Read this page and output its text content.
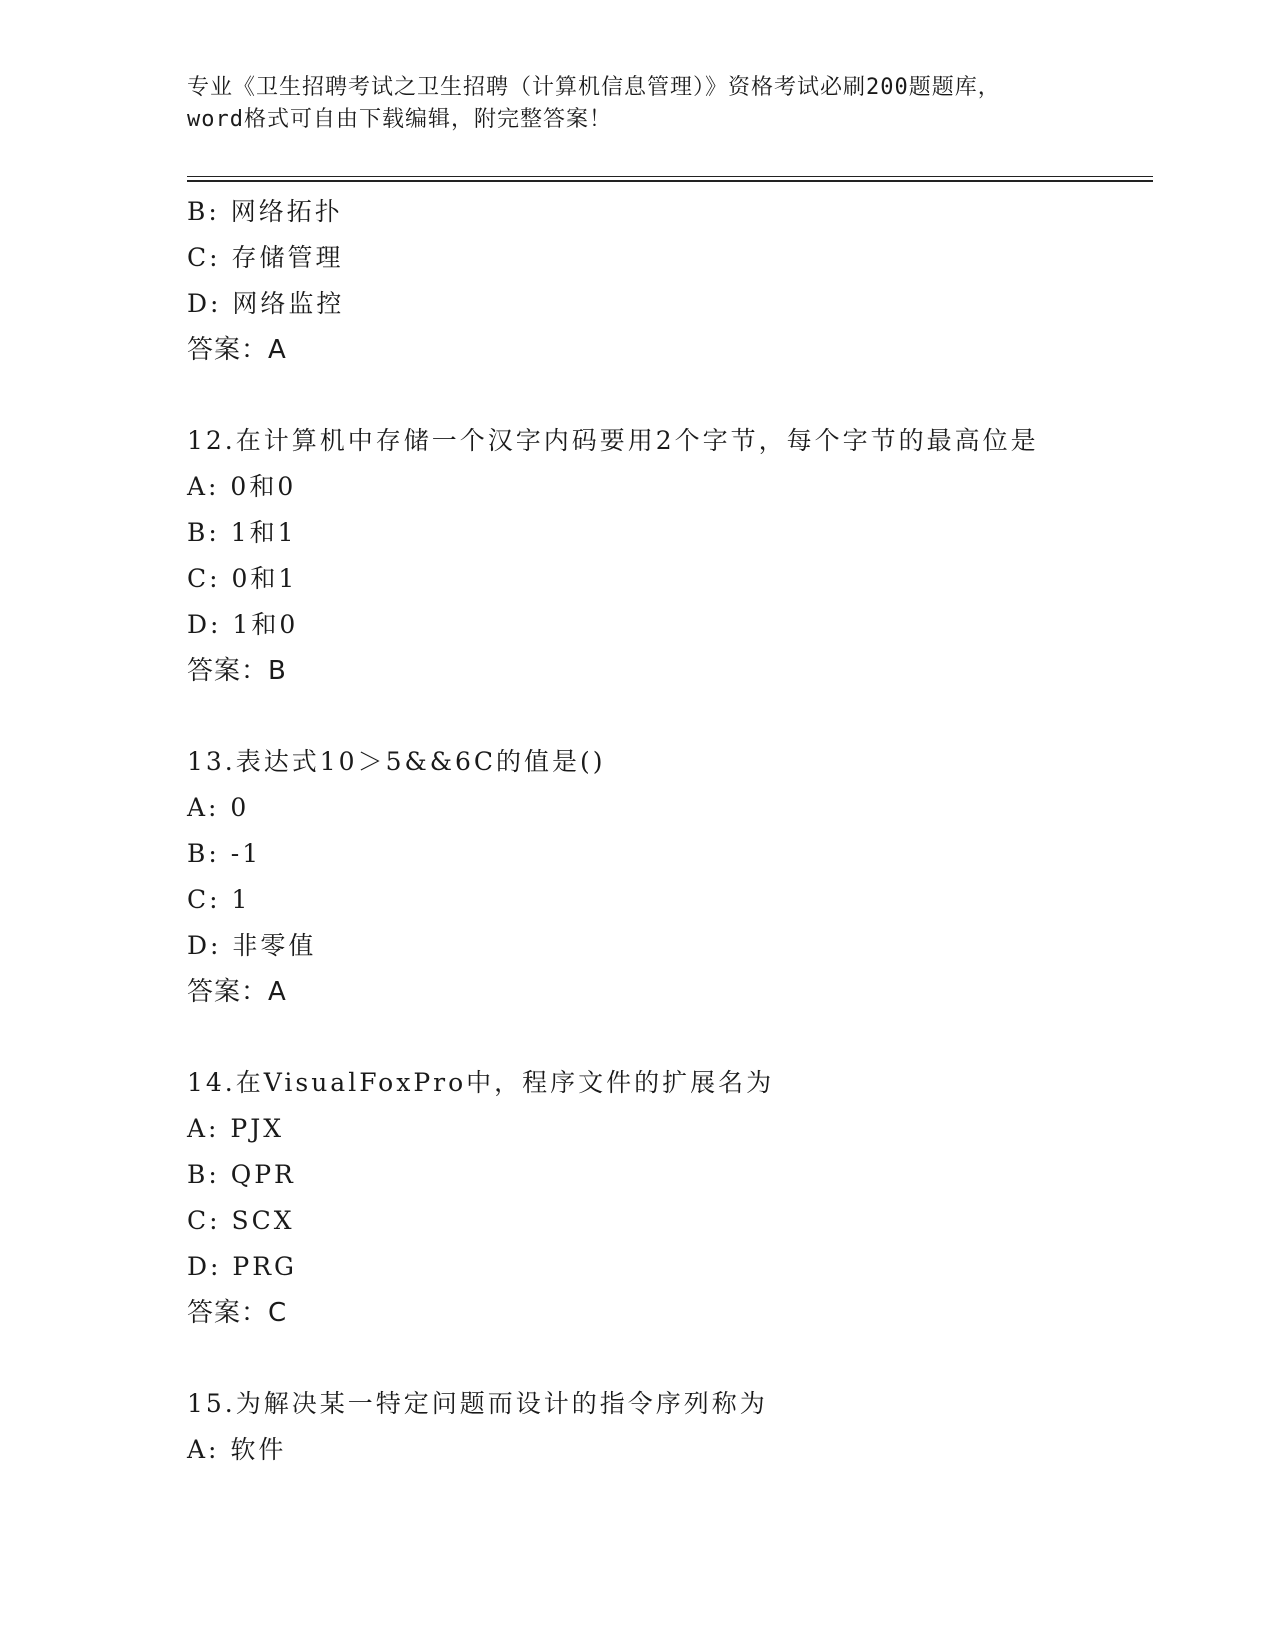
专业《卫生招聘考试之卫生招聘（计算机信息管理）》资格考试必刷200题题库，
word格式可自由下载编辑，附完整答案！
B: 网络拓扑
C: 存储管理
D: 网络监控
答案：A
12.在计算机中存储一个汉字内码要用2个字节，每个字节的最高位是
A: 0和0
B: 1和1
C: 0和1
D: 1和0
答案：B
13.表达式10＞5&&6C的值是()
A: 0
B: -1
C: 1
D: 非零值
答案：A
14.在VisualFoxPro中，程序文件的扩展名为
A: PJX
B: QPR
C: SCX
D: PRG
答案：C
15.为解决某一特定问题而设计的指令序列称为
A: 软件
